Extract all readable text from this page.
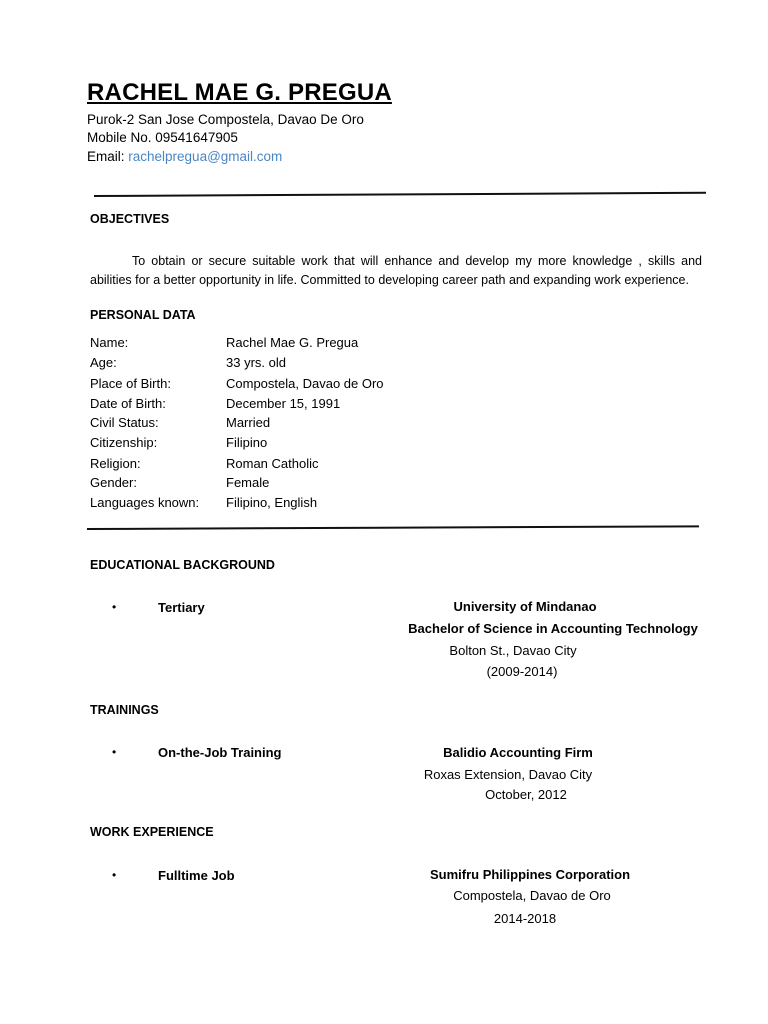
RACHEL MAE G. PREGUA
Purok-2 San Jose Compostela, Davao De Oro
Mobile No. 09541647905
Email: rachelpregua@gmail.com
OBJECTIVES
To obtain or secure suitable work that will enhance and develop my more knowledge , skills and abilities for a better opportunity in life. Committed to developing career path and expanding work experience.
PERSONAL DATA
Name:	Rachel Mae G. Pregua
Age:	33 yrs. old
Place of Birth:	Compostela, Davao de Oro
Date of Birth:	December 15, 1991
Civil Status:	Married
Citizenship:	Filipino
Religion:	Roman Catholic
Gender:	Female
Languages known: Filipino, English
EDUCATIONAL BACKGROUND
•	Tertiary	University of Mindanao
Bachelor of Science in Accounting Technology
Bolton St., Davao City
(2009-2014)
TRAININGS
•	On-the-Job Training	Balidio Accounting Firm
Roxas Extension, Davao City
October, 2012
WORK EXPERIENCE
•	Fulltime Job	Sumifru Philippines Corporation
Compostela, Davao de Oro
2014-2018
